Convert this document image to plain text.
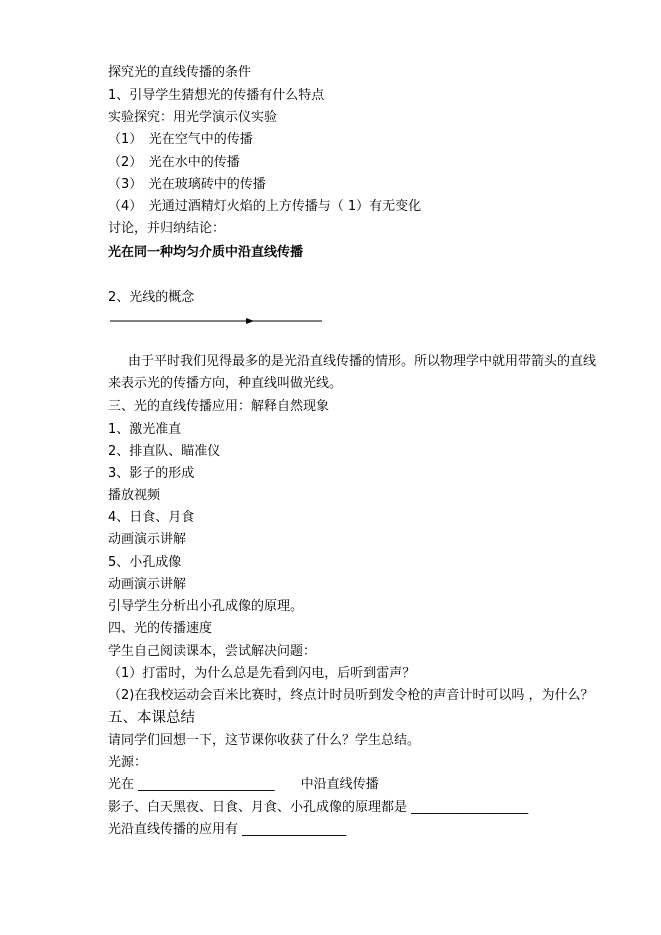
探究光的直线传播的条件
1、引导学生猜想光的传播有什么特点
实验探究：用光学演示仪实验
（1）　光在空气中的传播
（2）　光在水中的传播
（3）　光在玻璃砖中的传播
（4）　光通过酒精灯火焰的上方传播与（ 1）有无变化
讨论，并归纳结论：
光在同一种均匀介质中沿直线传播
2、光线的概念
由于平时我们见得最多的是光沿直线传播的情形。所以物理学中就用带箭头的直线
来表示光的传播方向，种直线叫做光线。
三、光的直线传播应用：解释自然现象
1、激光准直
2、排直队、瞄准仪
3、影子的形成
播放视频
4、日食、月食
动画演示讲解
5、小孔成像
动画演示讲解
引导学生分析出小孔成像的原理。
四、光的传播速度
学生自己阅读课本，尝试解决问题：
（1）打雷时，为什么总是先看到闪电，后听到雷声？
（2)在我校运动会百米比赛时，终点计时员听到发令枪的声音计时可以吗 ，为什么？
五、本课总结
请同学们回想一下，这节课你收获了什么？学生总结。
光源：
光在 _____________________　　中沿直线传播
影子、白天黑夜、日食、月食、小孔成像的原理都是 __________________
光沿直线传播的应用有 ________________
